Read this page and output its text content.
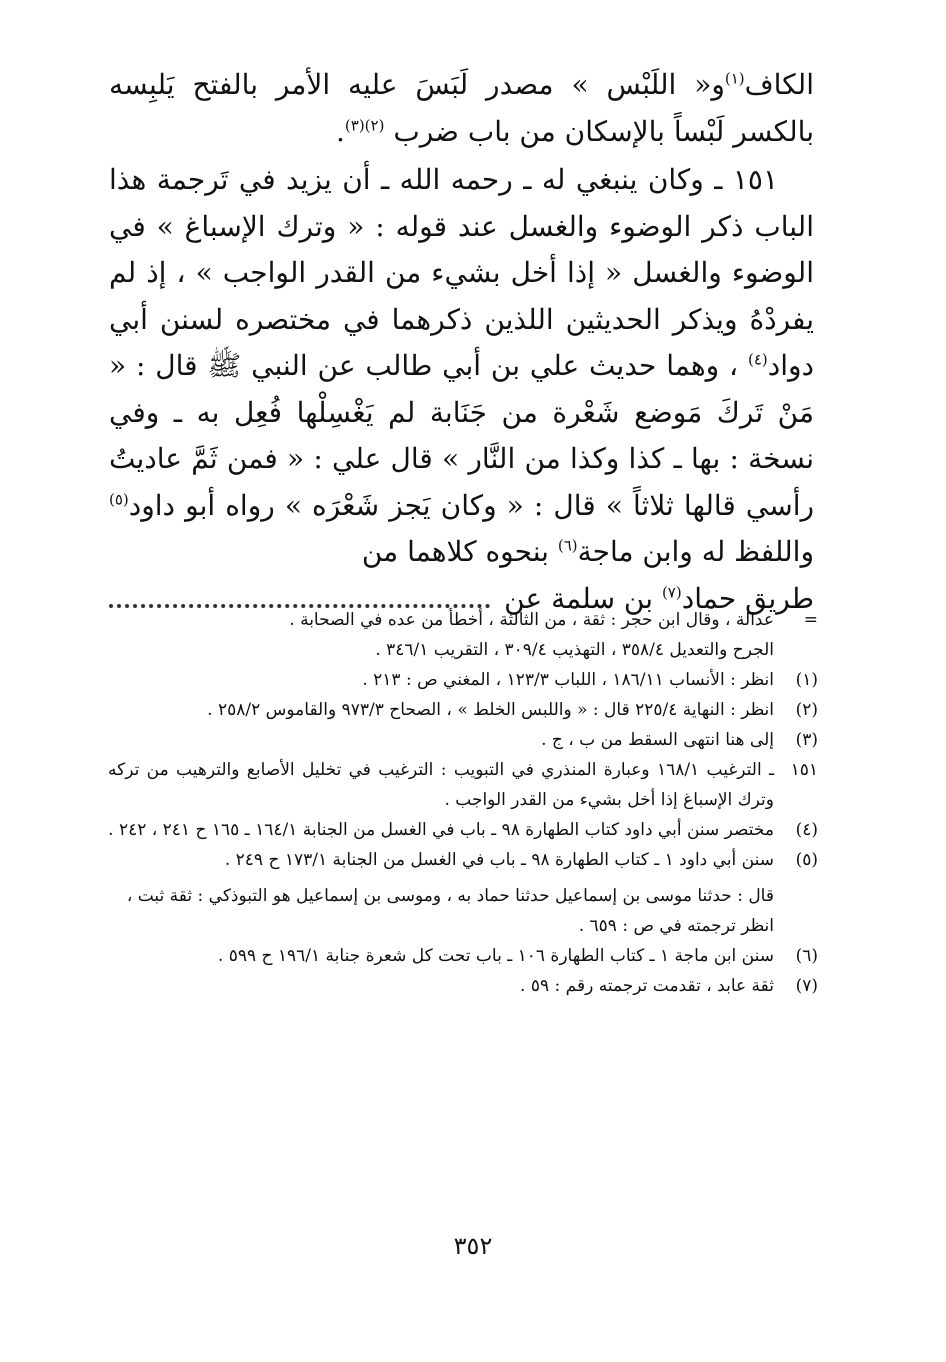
الكاف$^{(١)}$و« اللَبْس » مصدر لَبَسَ عليه الأمر بالفتح يَلبِسه بالكسر لَبْساً بالإسكان من باب ضرب $^{(٢)(٣)}$.

١٥١ ـ وكان ينبغي له ـ رحمه الله ـ أن يزيد في تَرجمة هذا الباب ذكر الوضوء والغسل عند قوله : « وترك الإسباغ » في الوضوء والغسل « إذا أخل بشيء من القدر الواجب » ، إذ لم يفردْهُ ويذكر الحديثين اللذين ذكرهما في مختصره لسنن أبي دواد$^{(٤)}$ ، وهما حديث علي بن أبي طالب عن النبي ﷺ قال : « مَنْ تَركَ مَوضع شَعْرة من جَنَابة لم يَغْسِلْها فُعِل به ـ وفي نسخة : بها ـ كذا وكذا من النَّار » قال علي : « فمن ثَمَّ عاديتُ رأسي قالها ثلاثاً » قال : « وكان يَجز شَعْرَه » رواه أبو داود$^{(٥)}$ واللفظ له وابن ماجة$^{(٦)}$ بنحوه كلاهما من

طريق حماد$^{(٧)}$ بن سلمة عن
=
عدالة ، وقال ابن حجر : ثقة ، من الثالثة ، أخطأ من عده في الصحابة .
الجرح والتعديل ٣٥٨/٤ ، التهذيب ٣٠٩/٤ ، التقريب ٣٤٦/١ .
(١)
انظر : الأنساب ١٨٦/١١ ، اللباب ١٢٣/٣ ، المغني ص : ٢١٣ .
(٢)
انظر : النهاية ٢٢٥/٤ قال : « واللبس الخلط » ، الصحاح ٩٧٣/٣ والقاموس ٢٥٨/٢ .
(٣)
إلى هنا انتهى السقط من ب ، ج .
١٥١
ـ الترغيب ١٦٨/١ وعبارة المنذري في التبويب : الترغيب في تخليل الأصابع والترهيب من تركه وترك الإسباغ إذا أخل بشيء من القدر الواجب .
(٤)
مختصر سنن أبي داود كتاب الطهارة ٩٨ ـ باب في الغسل من الجنابة ١٦٤/١ ـ ١٦٥ ح ٢٤١ ، ٢٤٢ .
(٥)
سنن أبي داود ١ ـ كتاب الطهارة ٩٨ ـ باب في الغسل من الجنابة ١٧٣/١ ح ٢٤٩ .
قال : حدثنا موسى بن إسماعيل حدثنا حماد به ، وموسى بن إسماعيل هو التبوذكي : ثقة ثبت ، انظر ترجمته في ص : ٦٥٩ .
(٦)
سنن ابن ماجة ١ ـ كتاب الطهارة ١٠٦ ـ باب تحت كل شعرة جنابة ١٩٦/١ ح ٥٩٩ .
(٧)
ثقة عابد ، تقدمت ترجمته رقم : ٥٩ .
٣٥٢
